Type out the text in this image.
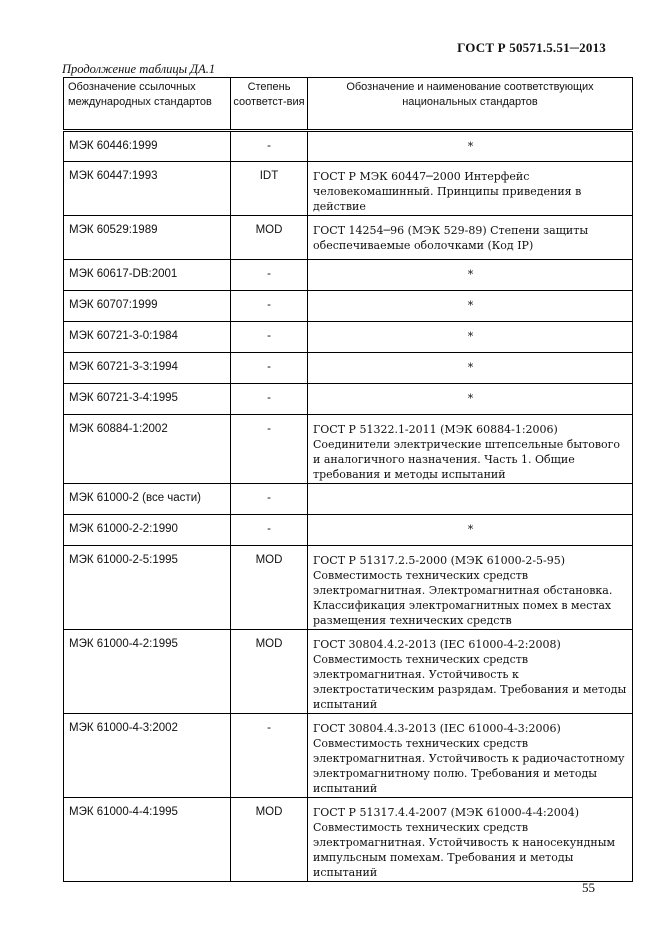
ГОСТ Р 50571.5.51─2013
Продолжение таблицы ДА.1
Обозначение ссылочных международных стандартов	Степень соответст-вия	Обозначение и наименование соответствующих национальных стандартов
МЭК 60446:1999	-	*
МЭК 60447:1993	IDT	ГОСТ Р МЭК 60447─2000 Интерфейс человекомашинный. Принципы приведения в действие
МЭК 60529:1989	MOD	ГОСТ 14254─96 (МЭК 529-89) Степени защиты обеспечиваемые оболочками (Код IP)
МЭК 60617-DB:2001	-	*
МЭК 60707:1999	-	*
МЭК 60721-3-0:1984	-	*
МЭК 60721-3-3:1994	-	*
МЭК 60721-3-4:1995	-	*
МЭК 60884-1:2002	-	ГОСТ Р 51322.1-2011 (МЭК 60884-1:2006) Соединители электрические штепсельные бытового и аналогичного назначения. Часть 1. Общие требования и методы испытаний
МЭК 61000-2 (все части)	-	
МЭК 61000-2-2:1990	-	*
МЭК 61000-2-5:1995	MOD	ГОСТ Р 51317.2.5-2000 (МЭК 61000-2-5-95) Совместимость технических средств электромагнитная. Электромагнитная обстановка. Классификация электромагнитных помех в местах размещения технических средств
МЭК 61000-4-2:1995	MOD	ГОСТ 30804.4.2-2013 (IEC 61000-4-2:2008) Совместимость технических средств электромагнитная. Устойчивость к электростатическим разрядам. Требования и методы испытаний
МЭК 61000-4-3:2002	-	ГОСТ 30804.4.3-2013 (IEC 61000-4-3:2006) Совместимость технических средств электромагнитная. Устойчивость к радиочастотному электромагнитному полю. Требования и методы испытаний
МЭК 61000-4-4:1995	MOD	ГОСТ Р 51317.4.4-2007 (МЭК 61000-4-4:2004) Совместимость технических средств электромагнитная. Устойчивость к наносекундным импульсным помехам. Требования и методы испытаний
55
